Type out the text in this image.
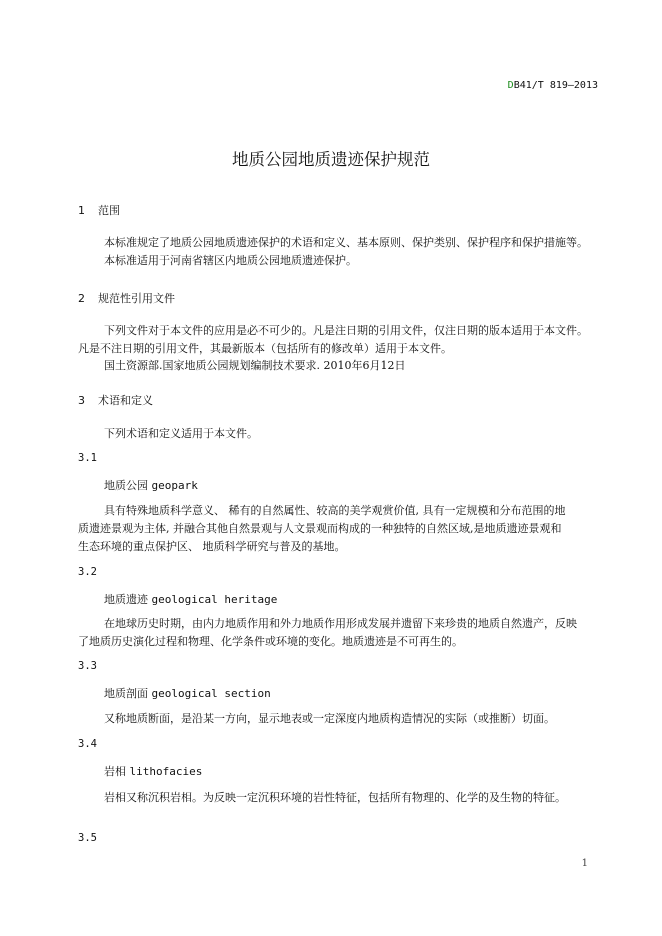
DB41/T 819—2013
地质公园地质遗迹保护规范
1 范围
本标准规定了地质公园地质遗迹保护的术语和定义、基本原则、保护类别、保护程序和保护措施等。
本标准适用于河南省辖区内地质公园地质遗迹保护。
2 规范性引用文件
下列文件对于本文件的应用是必不可少的。凡是注日期的引用文件，仅注日期的版本适用于本文件。
凡是不注日期的引用文件，其最新版本（包括所有的修改单）适用于本文件。
国土资源部.国家地质公园规划编制技术要求. 2010年6月12日
3 术语和定义
下列术语和定义适用于本文件。
3.1
地质公园 geopark
具有特殊地质科学意义、 稀有的自然属性、较高的美学观赏价值, 具有一定规模和分布范围的地
质遗迹景观为主体, 并融合其他自然景观与人文景观而构成的一种独特的自然区域,是地质遗迹景观和
生态环境的重点保护区、 地质科学研究与普及的基地。
3.2
地质遗迹 geological heritage
在地球历史时期，由内力地质作用和外力地质作用形成发展并遗留下来珍贵的地质自然遗产，反映
了地质历史演化过程和物理、化学条件或环境的变化。地质遗迹是不可再生的。
3.3
地质剖面 geological section
又称地质断面，是沿某一方向，显示地表或一定深度内地质构造情况的实际（或推断）切面。
3.4
岩相 lithofacies
岩相又称沉积岩相。为反映一定沉积环境的岩性特征，包括所有物理的、化学的及生物的特征。
3.5
1
